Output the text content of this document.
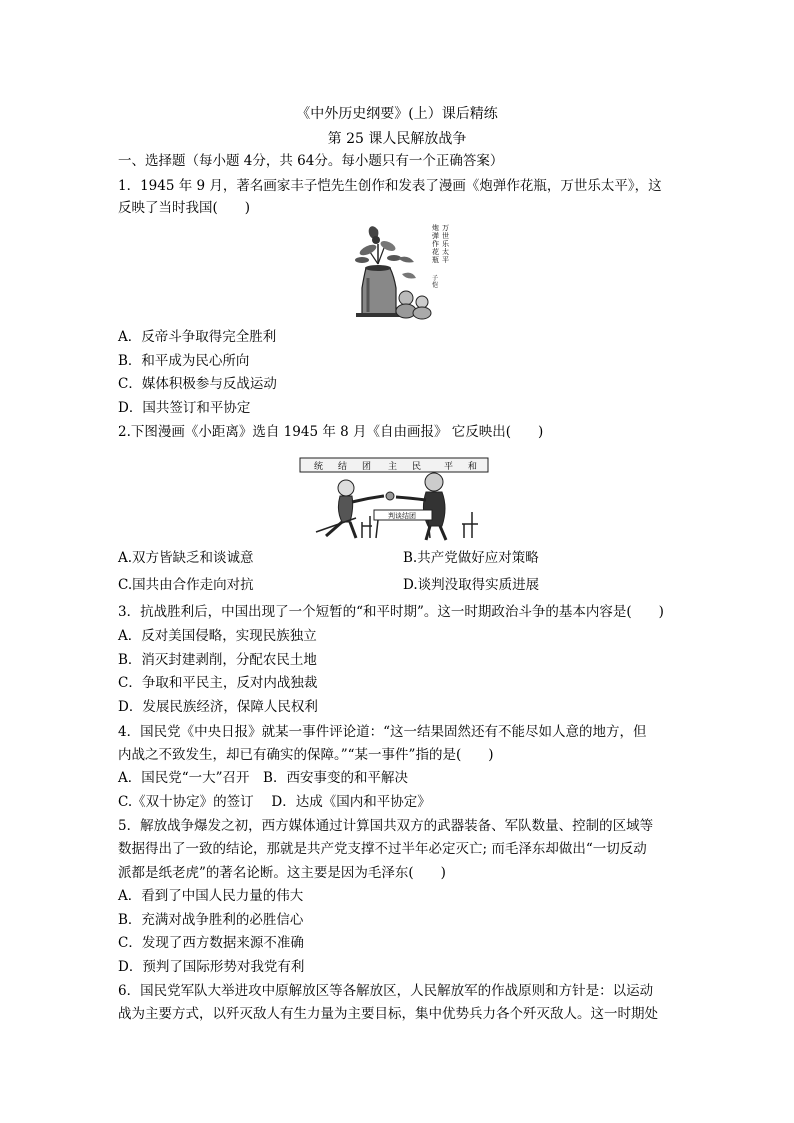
《中外历史纲要》(上）课后精练
第 25 课人民解放战争
一、选择题（每小题 4分，共 64分。每小题只有一个正确答案）
1．1945 年 9 月，著名画家丰子恺先生创作和发表了漫画《炮弹作花瓶，万世乐太平》，这
反映了当时我国(　　)
炮弹作花瓶
万世乐太平
子恺
A．反帝斗争取得完全胜利
B．和平成为民心所向
C．媒体积极参与反战运动
D．国共签订和平协定
2.下图漫画《小距离》选自 1945 年 8 月《自由画报》 它反映出(　　)
统 结 团 主 民	平 和
判谈结团
A.双方皆缺乏和谈诚意	B.共产党做好应对策略
C.国共由合作走向对抗	D.谈判没取得实质进展
3．抗战胜利后，中国出现了一个短暂的“和平时期”。这一时期政治斗争的基本内容是(　　)
A．反对美国侵略，实现民族独立
B．消灭封建剥削，分配农民土地
C．争取和平民主，反对内战独裁
D．发展民族经济，保障人民权利
4．国民党《中央日报》就某一事件评论道：“这一结果固然还有不能尽如人意的地方，但
内战之不致发生，却已有确实的保障。”“某一事件”指的是(　　)
A．国民党“一大”召开　B．西安事变的和平解决
C.《双十协定》的签订　 D．达成《国内和平协定》
5．解放战争爆发之初，西方媒体通过计算国共双方的武器装备、军队数量、控制的区域等
数据得出了一致的结论，那就是共产党支撑不过半年必定灭亡; 而毛泽东却做出“一切反动
派都是纸老虎”的著名论断。这主要是因为毛泽东(　　)
A．看到了中国人民力量的伟大
B．充满对战争胜利的必胜信心
C．发现了西方数据来源不准确
D．预判了国际形势对我党有利
6．国民党军队大举进攻中原解放区等各解放区，人民解放军的作战原则和方针是：以运动
战为主要方式，以歼灭敌人有生力量为主要目标，集中优势兵力各个歼灭敌人。这一时期处
